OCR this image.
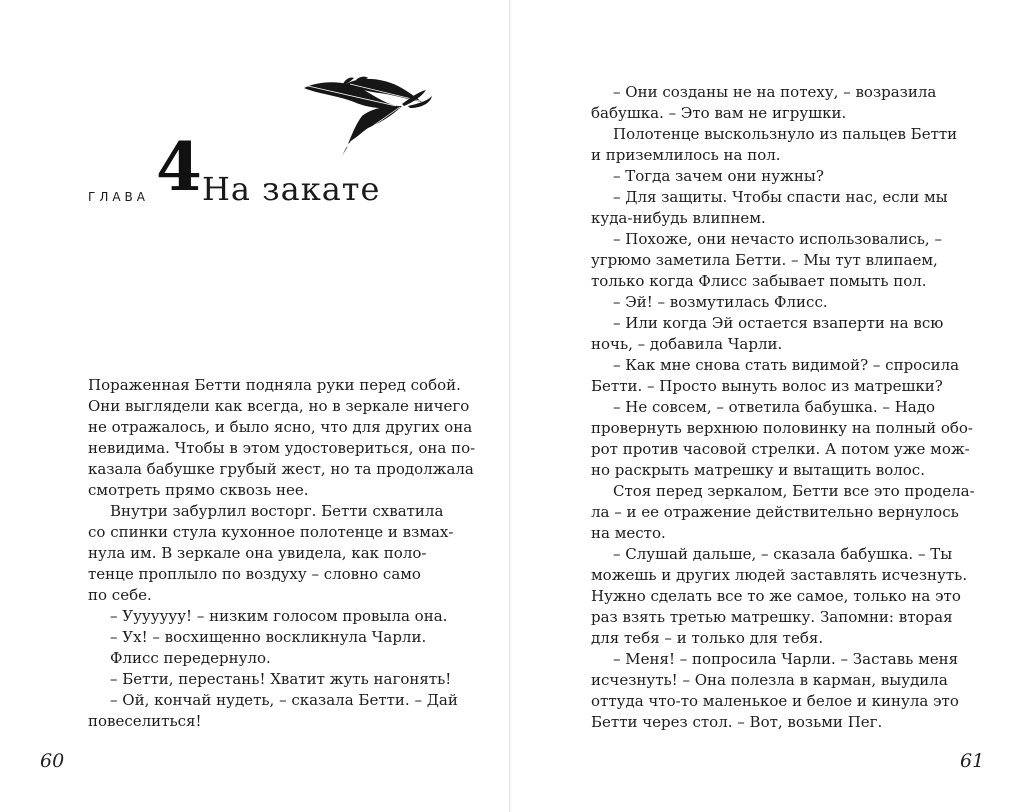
ГЛАВА 4 На закате
Пораженная Бетти подняла руки перед собой.
Они выглядели как всегда, но в зеркале ничего
не отражалось, и было ясно, что для других она
невидима. Чтобы в этом удостовериться, она по-
казала бабушке грубый жест, но та продолжала
смотреть прямо сквозь нее.
Внутри забурлил восторг. Бетти схватила
со спинки стула кухонное полотенце и взмах-
нула им. В зеркале она увидела, как поло-
тенце проплыло по воздуху – словно само
по себе.
– Ууууууу! – низким голосом провыла она.
– Ух! – восхищенно воскликнула Чарли.
Флисс передернуло.
– Бетти, перестань! Хватит жуть нагонять!
– Ой, кончай нудеть, – сказала Бетти. – Дай
повеселиться!
60
– Они созданы не на потеху, – возразила
бабушка. – Это вам не игрушки.
Полотенце выскользнуло из пальцев Бетти
и приземлилось на пол.
– Тогда зачем они нужны?
– Для защиты. Чтобы спасти нас, если мы
куда-нибудь влипнем.
– Похоже, они нечасто использовались, –
угрюмо заметила Бетти. – Мы тут влипаем,
только когда Флисс забывает помыть пол.
– Эй! – возмутилась Флисс.
– Или когда Эй остается взаперти на всю
ночь, – добавила Чарли.
– Как мне снова стать видимой? – спросила
Бетти. – Просто вынуть волос из матрешки?
– Не совсем, – ответила бабушка. – Надо
провернуть верхнюю половинку на полный обо-
рот против часовой стрелки. А потом уже мож-
но раскрыть матрешку и вытащить волос.
Стоя перед зеркалом, Бетти все это проделa-
ла – и ее отражение действительно вернулось
на место.
– Слушай дальше, – сказала бабушка. – Ты
можешь и других людей заставлять исчезнуть.
Нужно сделать все то же самое, только на это
раз взять третью матрешку. Запомни: вторая
для тебя – и только для тебя.
– Меня! – попросила Чарли. – Заставь меня
исчезнуть! – Она полезла в карман, выудила
оттуда что-то маленькое и белое и кинула это
Бетти через стол. – Вот, возьми Пег.
61
